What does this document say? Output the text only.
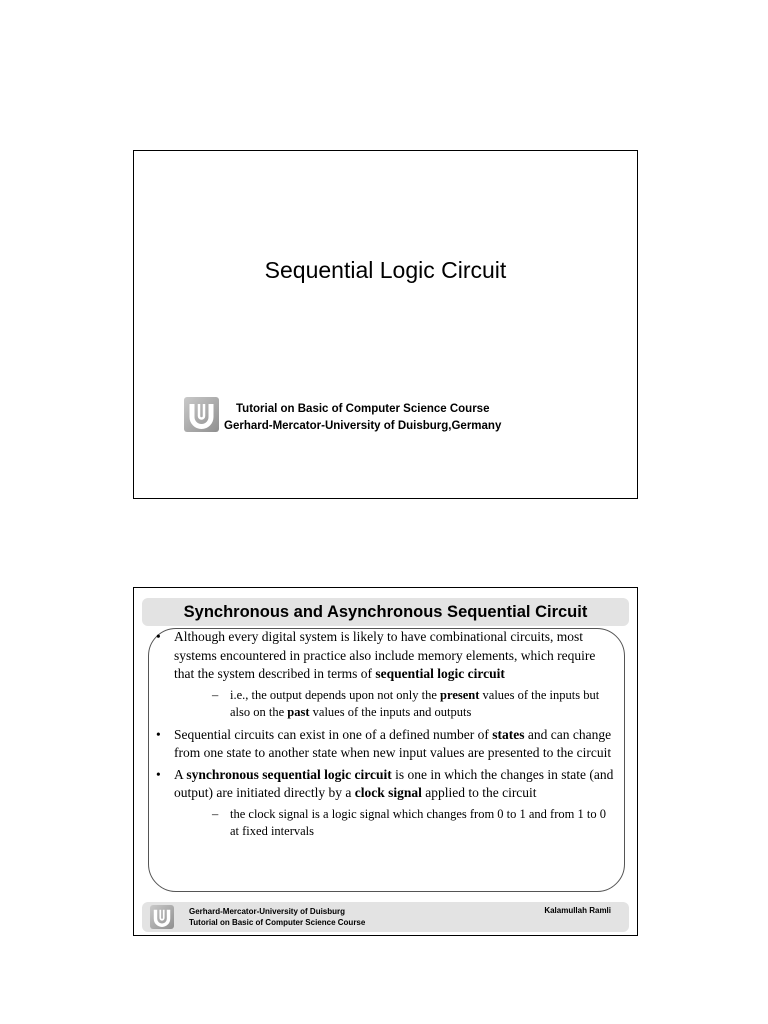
Sequential Logic Circuit
Tutorial on Basic of Computer Science Course
Gerhard-Mercator-University of Duisburg,Germany
Synchronous and Asynchronous Sequential Circuit
• Although every digital system is likely to have combinational circuits, most systems encountered in practice also include memory elements, which require that the system described in terms of sequential logic circuit
– i.e., the output depends upon not only the present values of the inputs but also on the past values of the inputs and outputs
• Sequential circuits can exist in one of a defined number of states and can change from one state to another state when new input values are presented to the circuit
• A synchronous sequential logic circuit is one in which the changes in state (and output) are initiated directly by a clock signal applied to the circuit
– the clock signal is a logic signal which changes from 0 to 1 and from 1 to 0 at fixed intervals
Gerhard-Mercator-University of Duisburg
Tutorial on Basic of Computer Science Course
Kalamullah Ramli
